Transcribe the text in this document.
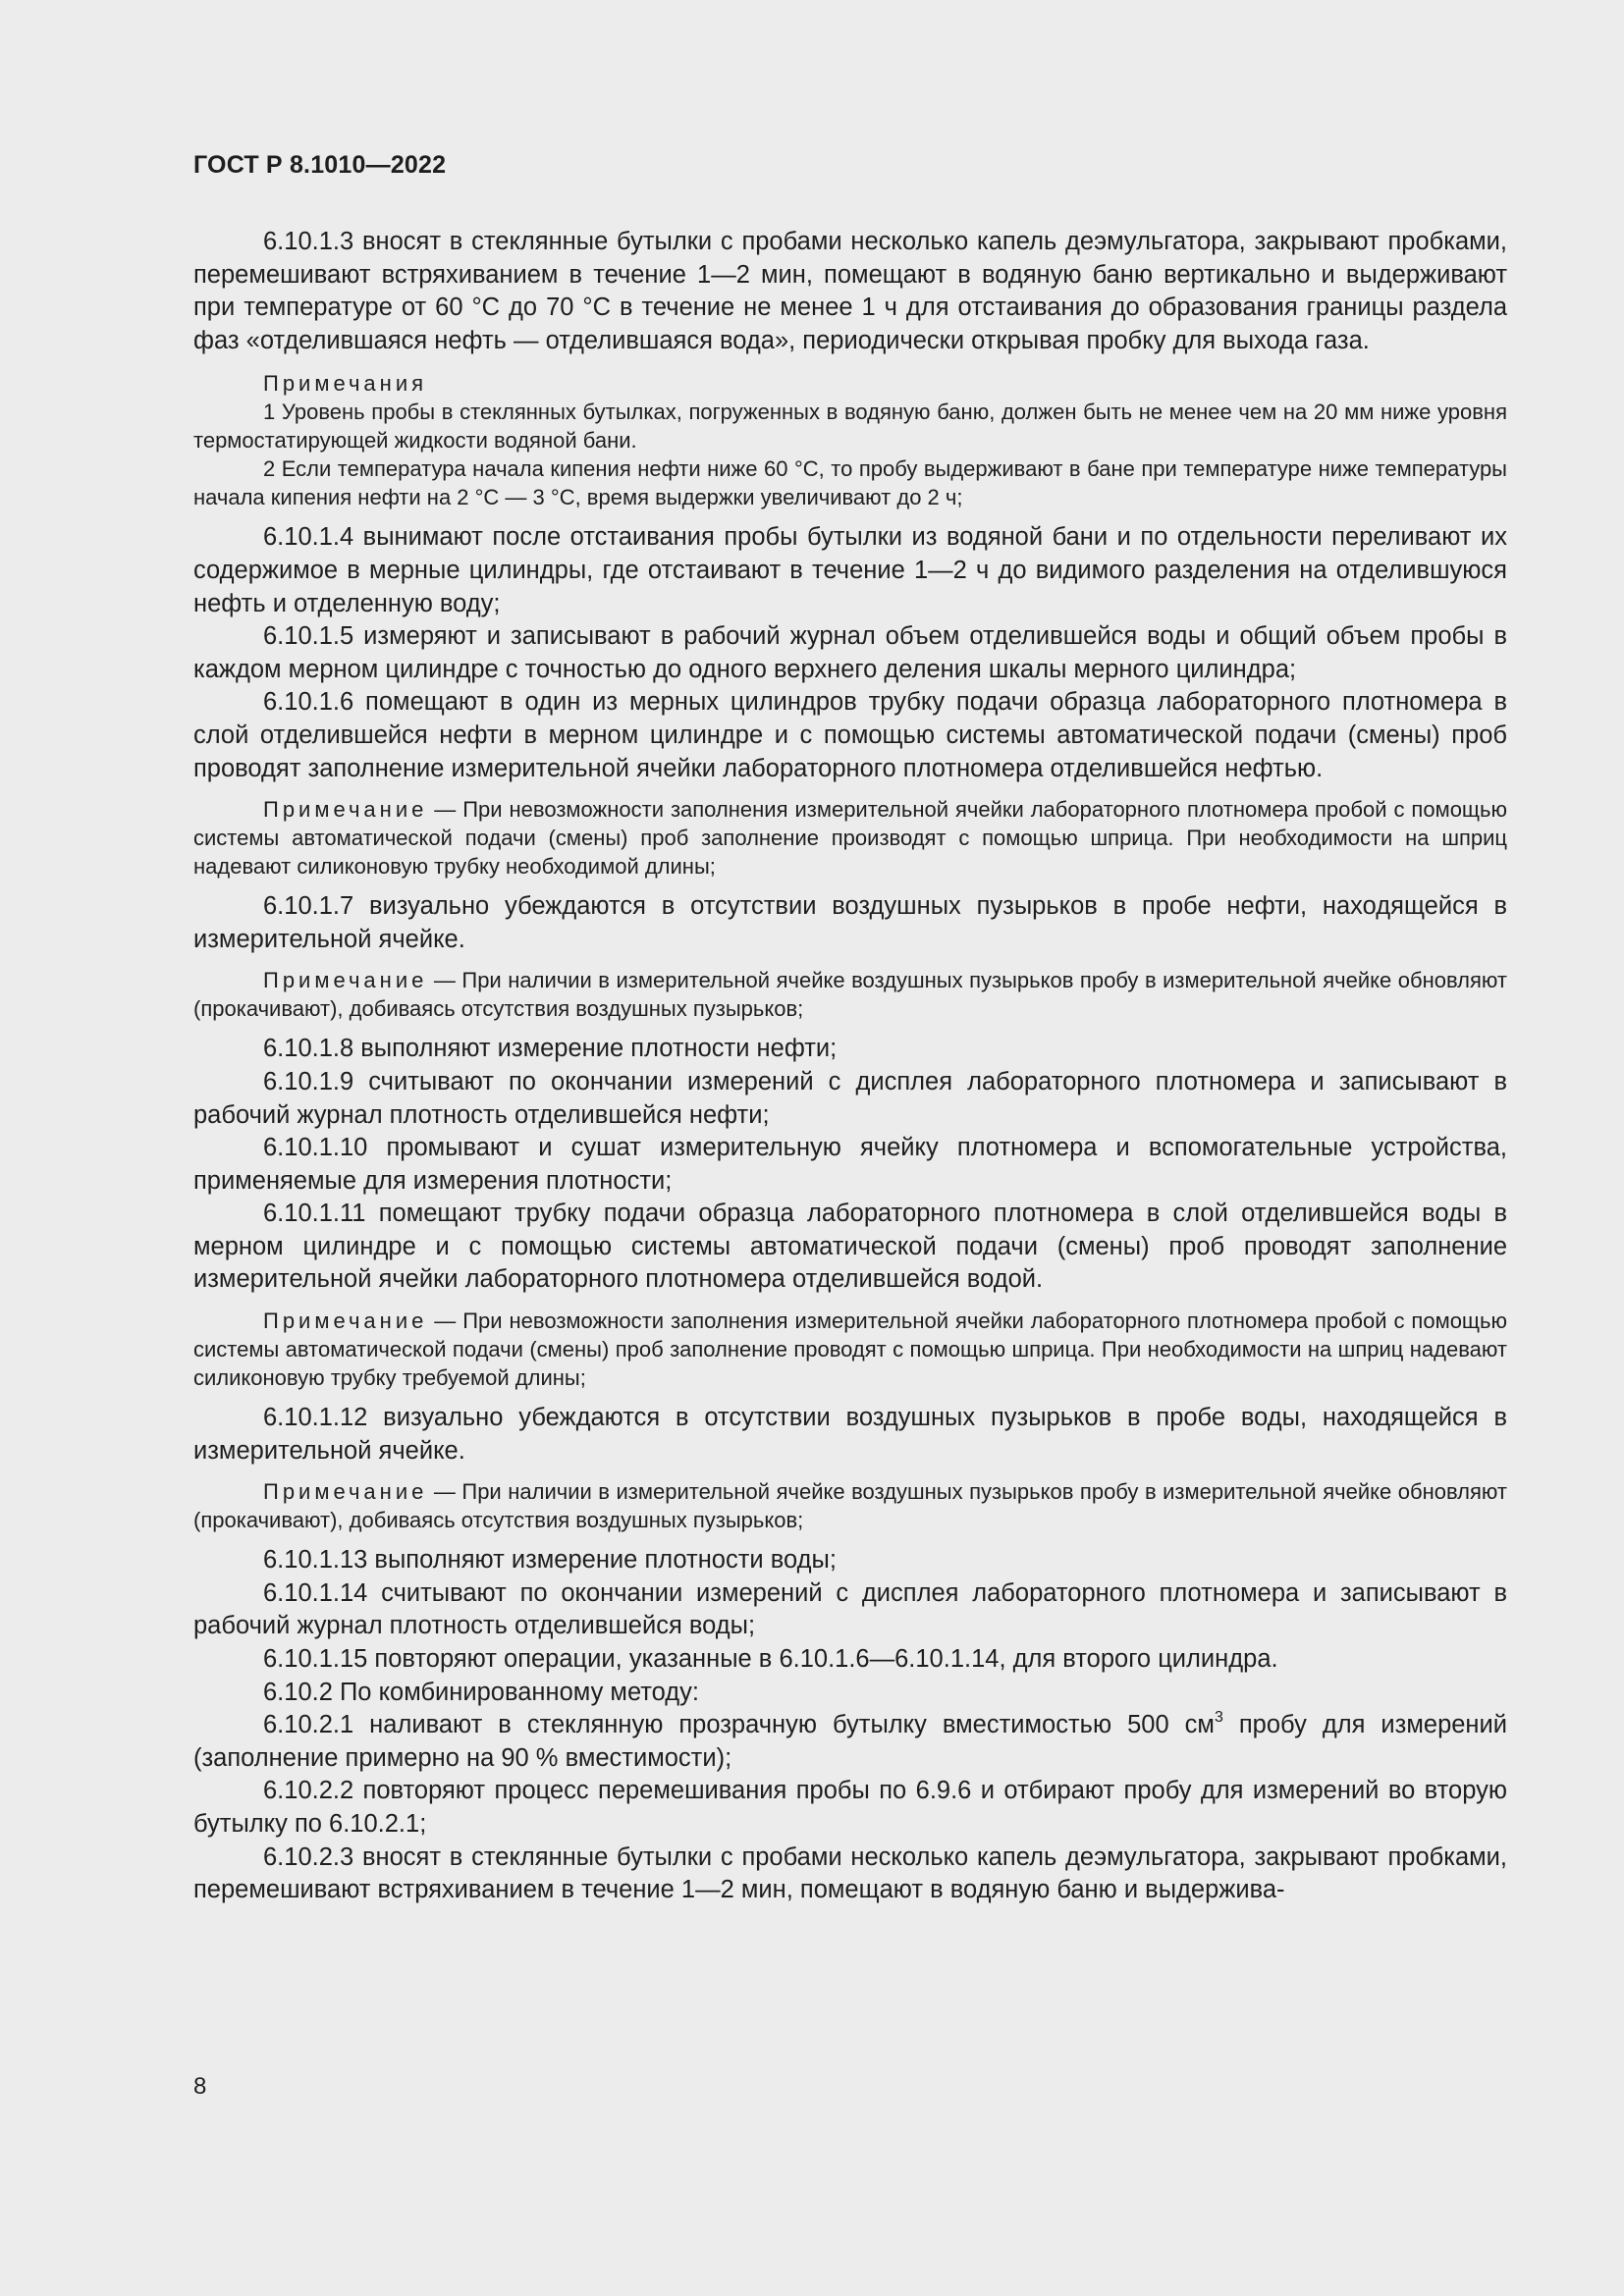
ГОСТ Р 8.1010—2022

6.10.1.3 вносят в стеклянные бутылки с пробами несколько капель деэмульгатора, закрывают пробками, перемешивают встряхиванием в течение 1—2 мин, помещают в водяную баню вертикально и выдерживают при температуре от 60 °C до 70 °C в течение не менее 1 ч для отстаивания до образования границы раздела фаз «отделившаяся нефть — отделившаяся вода», периодически открывая пробку для выхода газа.

Примечания

1 Уровень пробы в стеклянных бутылках, погруженных в водяную баню, должен быть не менее чем на 20 мм ниже уровня термостатирующей жидкости водяной бани.

2 Если температура начала кипения нефти ниже 60 °C, то пробу выдерживают в бане при температуре ниже температуры начала кипения нефти на 2 °C — 3 °C, время выдержки увеличивают до 2 ч;

6.10.1.4 вынимают после отстаивания пробы бутылки из водяной бани и по отдельности переливают их содержимое в мерные цилиндры, где отстаивают в течение 1—2 ч до видимого разделения на отделившуюся нефть и отделенную воду;

6.10.1.5 измеряют и записывают в рабочий журнал объем отделившейся воды и общий объем пробы в каждом мерном цилиндре с точностью до одного верхнего деления шкалы мерного цилиндра;

6.10.1.6 помещают в один из мерных цилиндров трубку подачи образца лабораторного плотномера в слой отделившейся нефти в мерном цилиндре и с помощью системы автоматической подачи (смены) проб проводят заполнение измерительной ячейки лабораторного плотномера отделившейся нефтью.

Примечание — При невозможности заполнения измерительной ячейки лабораторного плотномера пробой с помощью системы автоматической подачи (смены) проб заполнение производят с помощью шприца. При необходимости на шприц надевают силиконовую трубку необходимой длины;

6.10.1.7 визуально убеждаются в отсутствии воздушных пузырьков в пробе нефти, находящейся в измерительной ячейке.

Примечание — При наличии в измерительной ячейке воздушных пузырьков пробу в измерительной ячейке обновляют (прокачивают), добиваясь отсутствия воздушных пузырьков;

6.10.1.8 выполняют измерение плотности нефти;

6.10.1.9 считывают по окончании измерений с дисплея лабораторного плотномера и записывают в рабочий журнал плотность отделившейся нефти;

6.10.1.10 промывают и сушат измерительную ячейку плотномера и вспомогательные устройства, применяемые для измерения плотности;

6.10.1.11 помещают трубку подачи образца лабораторного плотномера в слой отделившейся воды в мерном цилиндре и с помощью системы автоматической подачи (смены) проб проводят заполнение измерительной ячейки лабораторного плотномера отделившейся водой.

Примечание — При невозможности заполнения измерительной ячейки лабораторного плотномера пробой с помощью системы автоматической подачи (смены) проб заполнение проводят с помощью шприца. При необходимости на шприц надевают силиконовую трубку требуемой длины;

6.10.1.12 визуально убеждаются в отсутствии воздушных пузырьков в пробе воды, находящейся в измерительной ячейке.

Примечание — При наличии в измерительной ячейке воздушных пузырьков пробу в измерительной ячейке обновляют (прокачивают), добиваясь отсутствия воздушных пузырьков;

6.10.1.13 выполняют измерение плотности воды;

6.10.1.14 считывают по окончании измерений с дисплея лабораторного плотномера и записывают в рабочий журнал плотность отделившейся воды;

6.10.1.15 повторяют операции, указанные в 6.10.1.6—6.10.1.14, для второго цилиндра.

6.10.2 По комбинированному методу:

6.10.2.1 наливают в стеклянную прозрачную бутылку вместимостью 500 $см^3$ пробу для измерений (заполнение примерно на 90 % вместимости);

6.10.2.2 повторяют процесс перемешивания пробы по 6.9.6 и отбирают пробу для измерений во вторую бутылку по 6.10.2.1;

6.10.2.3 вносят в стеклянные бутылки с пробами несколько капель деэмульгатора, закрывают пробками, перемешивают встряхиванием в течение 1—2 мин, помещают в водяную баню и выдержива-

8
